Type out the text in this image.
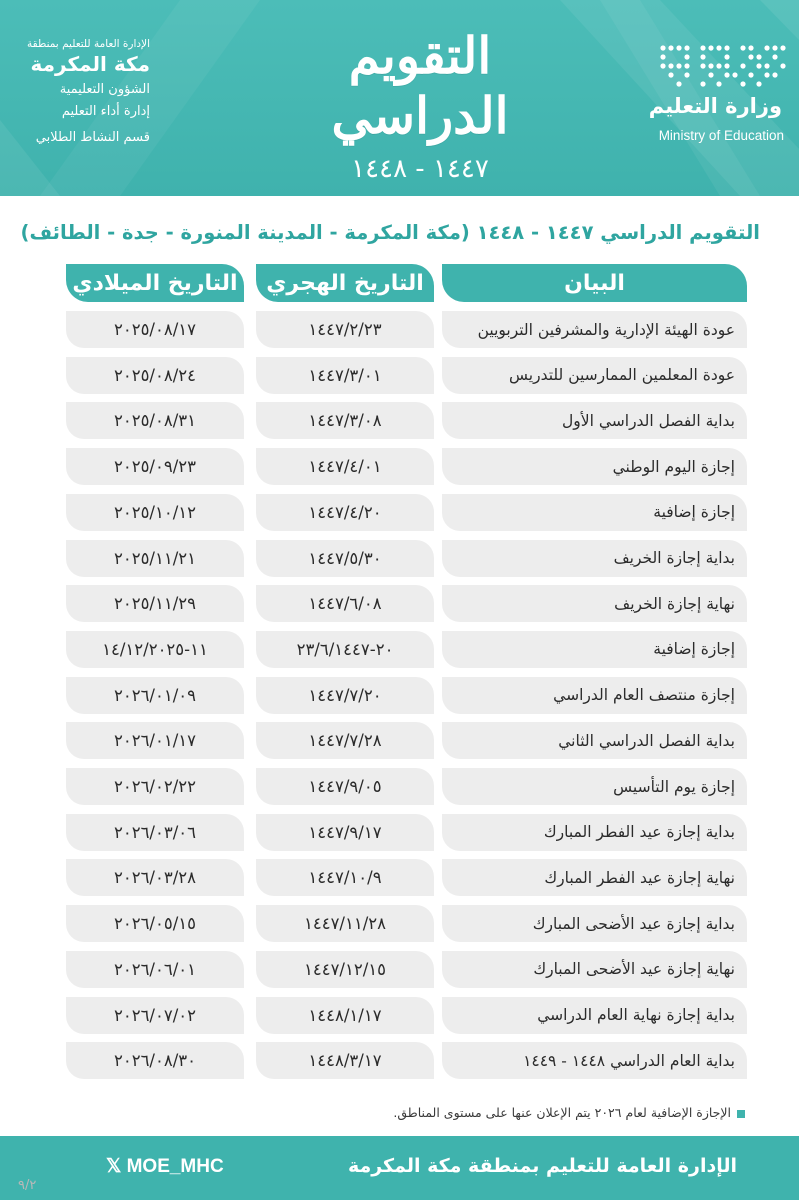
وزارة التعليم
Ministry of Education
التقويم الدراسي
١٤٤٧ - ١٤٤٨
الإدارة العامة للتعليم بمنطقة
مكة المكرمة
الشؤون التعليمية
إدارة أداء التعليم
قسم النشاط الطلابي
التقويم الدراسي ١٤٤٧ - ١٤٤٨ (مكة المكرمة - المدينة المنورة - جدة - الطائف)
البيان
التاريخ الهجري
التاريخ الميلادي
عودة الهيئة الإدارية والمشرفين التربويين
١٤٤٧/٢/٢٣
٢٠٢٥/٠٨/١٧
عودة المعلمين الممارسين للتدريس
١٤٤٧/٣/٠١
٢٠٢٥/٠٨/٢٤
بداية الفصل الدراسي الأول
١٤٤٧/٣/٠٨
٢٠٢٥/٠٨/٣١
إجازة اليوم الوطني
١٤٤٧/٤/٠١
٢٠٢٥/٠٩/٢٣
إجازة إضافية
١٤٤٧/٤/٢٠
٢٠٢٥/١٠/١٢
بداية إجازة الخريف
١٤٤٧/٥/٣٠
٢٠٢٥/١١/٢١
نهاية إجازة الخريف
١٤٤٧/٦/٠٨
٢٠٢٥/١١/٢٩
إجازة إضافية
٢٠-٢٣/٦/١٤٤٧
١١-١٤/١٢/٢٠٢٥
إجازة منتصف العام الدراسي
١٤٤٧/٧/٢٠
٢٠٢٦/٠١/٠٩
بداية الفصل الدراسي الثاني
١٤٤٧/٧/٢٨
٢٠٢٦/٠١/١٧
إجازة يوم التأسيس
١٤٤٧/٩/٠٥
٢٠٢٦/٠٢/٢٢
بداية إجازة عيد الفطر المبارك
١٤٤٧/٩/١٧
٢٠٢٦/٠٣/٠٦
نهاية إجازة عيد الفطر المبارك
١٤٤٧/١٠/٩
٢٠٢٦/٠٣/٢٨
بداية إجازة عيد الأضحى المبارك
١٤٤٧/١١/٢٨
٢٠٢٦/٠٥/١٥
نهاية إجازة عيد الأضحى المبارك
١٤٤٧/١٢/١٥
٢٠٢٦/٠٦/٠١
بداية إجازة نهاية العام الدراسي
١٤٤٨/١/١٧
٢٠٢٦/٠٧/٠٢
بداية العام الدراسي ١٤٤٨ - ١٤٤٩
١٤٤٨/٣/١٧
٢٠٢٦/٠٨/٣٠
الإجازة الإضافية لعام ٢٠٢٦ يتم الإعلان عنها على مستوى المناطق.
الإدارة العامة للتعليم بمنطقة مكة المكرمة
𝕏 MOE_MHC
٩/٢
